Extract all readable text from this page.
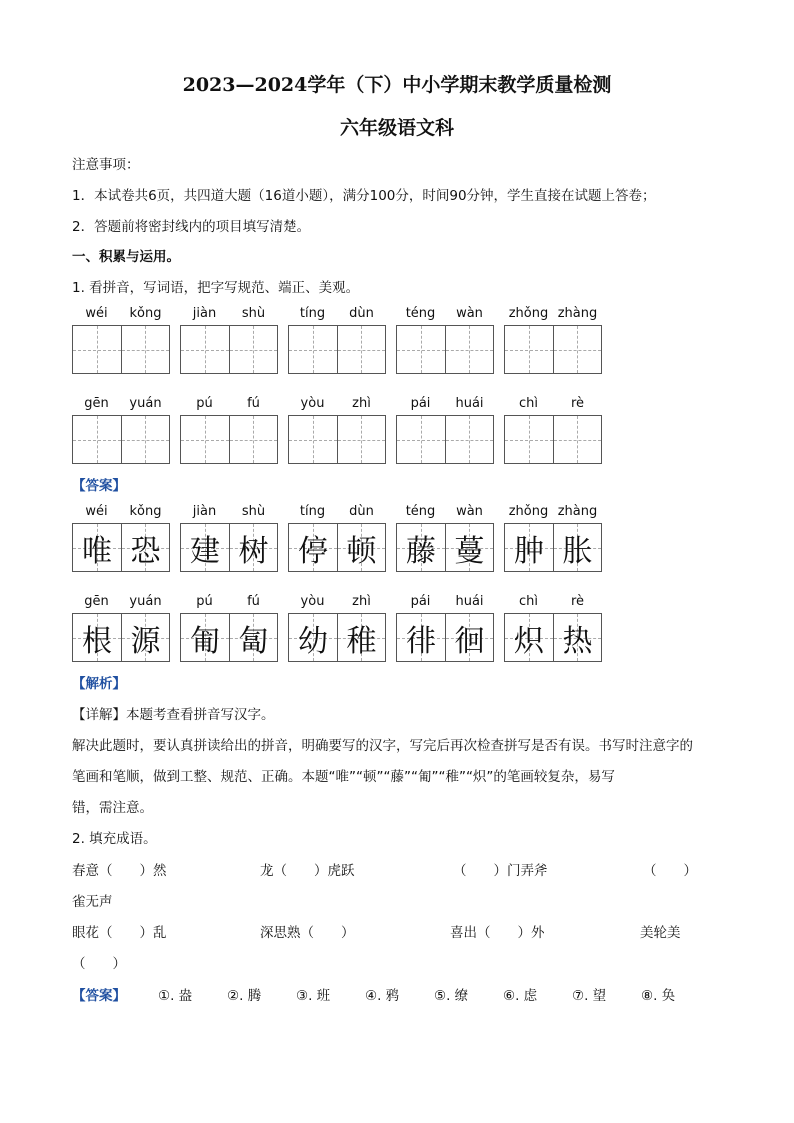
2023—2024学年（下）中小学期末教学质量检测
六年级语文科
注意事项：
1．本试卷共6页，共四道大题（16道小题），满分100分，时间90分钟，学生直接在试题上答卷；
2．答题前将密封线内的项目填写清楚。
一、积累与运用。
1. 看拼音，写词语，把字写规范、端正、美观。
wéi	kǒng	jiàn	shù	tíng	dùn	téng	wàn	zhǒng zhàng
gēn	yuán	pú	fú	yòu	zhì	pái	huái	chì	rè
【答案】
wéi	kǒng
唯 恐
jiàn	shù
建 树
tíng	dùn
停 顿
téng	wàn
藤 蔓
zhǒng zhàng
肿 胀
gēn	yuán
根 源
pú	fú
匍 匐
yòu	zhì
幼 稚
pái	huái
徘 徊
chì	rè
炽 热
【解析】
【详解】本题考查看拼音写汉字。
解决此题时，要认真拼读给出的拼音，明确要写的汉字，写完后再次检查拼写是否有误。书写时注意字的
笔画和笔顺，做到工整、规范、正确。本题“唯”“顿”“藤”“匍”“稚”“炽”的笔画较复杂，易写
错，需注意。
2. 填充成语。
春意（　　）然	龙（　　）虎跃	（　　）门弄斧	（　　）
雀无声
眼花（　　）乱	深思熟（　　）	喜出（　　）外	美轮美
（　　）
【答案】 ①. 盎	②. 腾	③. 班	④. 鸦	⑤. 缭	⑥. 虑	⑦. 望	⑧. 奂
